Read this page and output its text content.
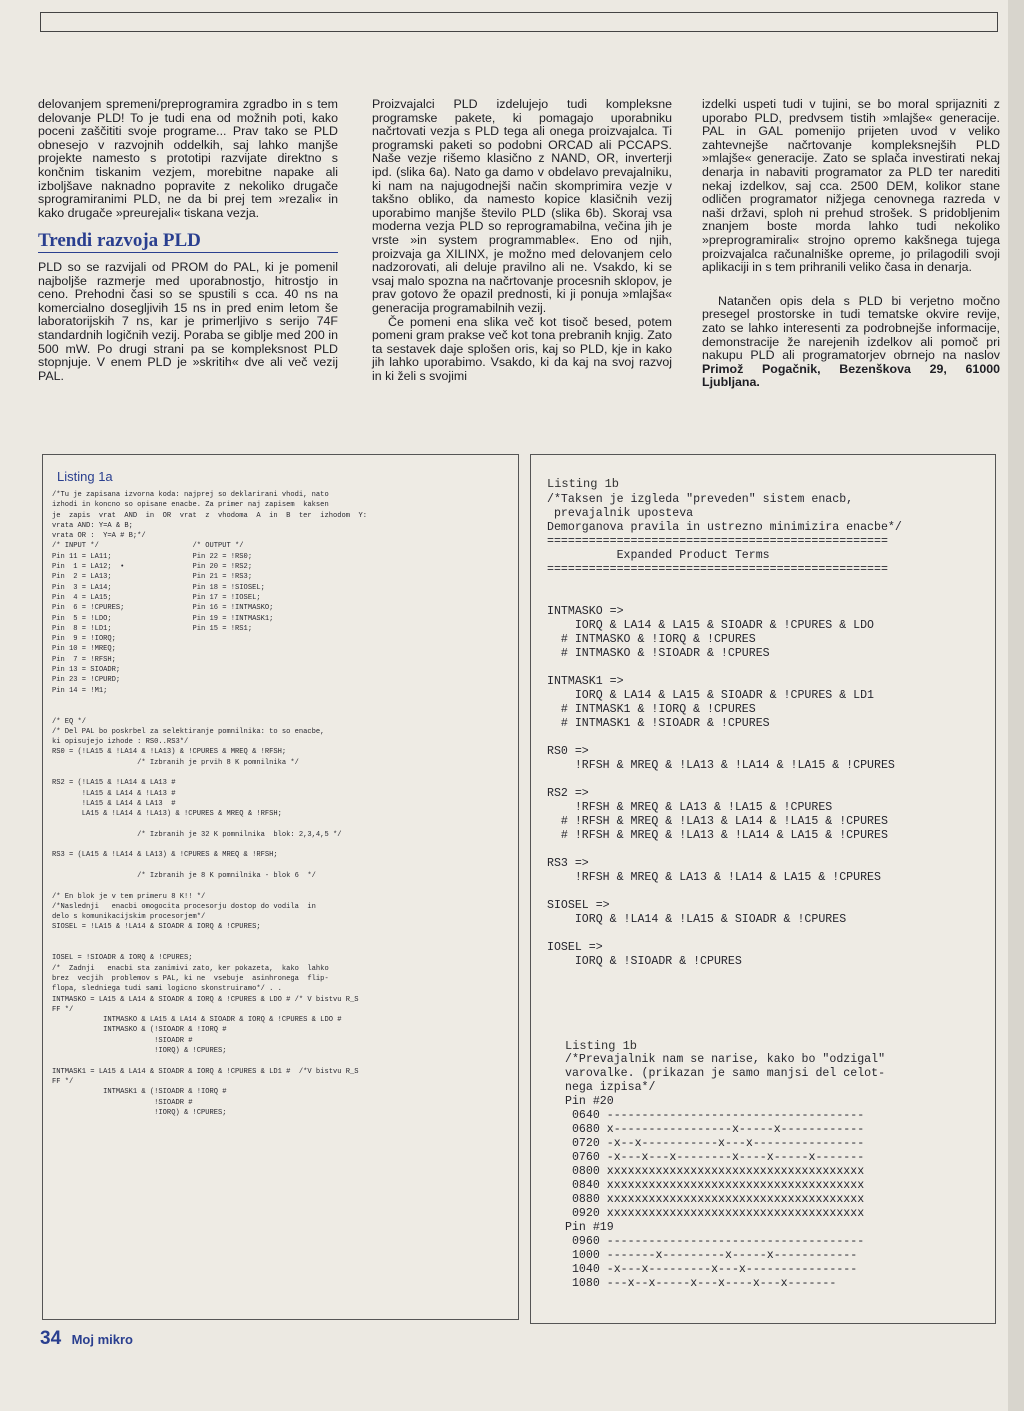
delovanjem spremeni/preprogramira zgradbo in s tem delovanje PLD! To je tudi ena od možnih poti, kako poceni zaščititi svoje programe... Prav tako se PLD obnesejo v razvojnih oddelkih, saj lahko manjše projekte namesto s prototipi razvijate direktno s končnim tiskanim vezjem, morebitne napake ali izboljšave naknadno popravite z nekoliko drugače sprogramiranimi PLD, ne da bi prej tem »rezali« in kako drugače »preurejali« tiskana vezja.

Trendi razvoja PLD

PLD so se razvijali od PROM do PAL, ki je pomenil najboljše razmerje med uporabnostjo, hitrostjo in ceno. Prehodni časi so se spustili s cca. 40 ns na komercialno dosegljivih 15 ns in pred enim letom še laboratorijskih 7 ns, kar je primerljivo s serijo 74F standardnih logičnih vezij. Poraba se giblje med 200 in 500 mW. Po drugi strani pa se kompleksnost PLD stopnjuje. V enem PLD je »skritih« dve ali več vezij PAL.

Proizvajalci PLD izdelujejo tudi kompleksne programske pakete, ki pomagajo uporabniku načrtovati vezja s PLD tega ali onega proizvajalca. Ti programski paketi so podobni ORCAD ali PCCAPS. Naše vezje rišemo klasično z NAND, OR, inverterji ipd. (slika 6a). Nato ga damo v obdelavo prevajalniku, ki nam na najugodnejši način skomprimira vezje v takšno obliko, da namesto kopice klasičnih vezij uporabimo manjše število PLD (slika 6b). Skoraj vsa moderna vezja PLD so reprogramabilna, večina jih je vrste »in system programmable«. Eno od njih, proizvaja ga XILINX, je možno med delovanjem celo nadzorovati, ali deluje pravilno ali ne. Vsakdo, ki se vsaj malo spozna na načrtovanje procesnih sklopov, je prav gotovo že opazil prednosti, ki ji ponuja »mlajša« generacija programabilnih vezij.

Če pomeni ena slika več kot tisoč besed, potem pomeni gram prakse več kot tona prebranih knjig. Zato ta sestavek daje splošen oris, kaj so PLD, kje in kako jih lahko uporabimo. Vsakdo, ki da kaj na svoj razvoj in ki želi s svojimi

izdelki uspeti tudi v tujini, se bo moral sprijazniti z uporabo PLD, predvsem tistih »mlajše« generacije. PAL in GAL pomenijo prijeten uvod v veliko zahtevnejše načrtovanje kompleksnejših PLD »mlajše« generacije. Zato se splača investirati nekaj denarja in nabaviti programator za PLD ter narediti nekaj izdelkov, saj cca. 2500 DEM, kolikor stane odličen programator nižjega cenovnega razreda v naši državi, sploh ni prehud strošek. S pridobljenim znanjem boste morda lahko tudi nekoliko »preprogramirali« strojno opremo kakšnega tujega proizvajalca računalniške opreme, jo prilagodili svoji aplikaciji in s tem prihranili veliko časa in denarja.

Natančen opis dela s PLD bi verjetno močno presegel prostorske in tudi tematske okvire revije, zato se lahko interesenti za podrobnejše informacije, demonstracije že narejenih izdelkov ali pomoč pri nakupu PLD ali programatorjev obrnejo na naslov Primož Pogačnik, Bezenškova 29, 61000 Ljubljana.

Listing 1a
/*Tu je zapisana izvorna koda: najprej so deklarirani vhodi, nato
izhodi in koncno so opisane enacbe. Za primer naj zapisem  kaksen
je  zapis  vrat  AND  in  OR  vrat  z  vhodoma  A  in  B  ter  izhodom  Y:
vrata AND: Y=A & B;
vrata OR :  Y=A # B;*/
/* INPUT */                      /* OUTPUT */
Pin 11 = LA11;                   Pin 22 = !RS0;
Pin  1 = LA12;  •                Pin 20 = !RS2;
Pin  2 = LA13;                   Pin 21 = !RS3;
Pin  3 = LA14;                   Pin 18 = !SIOSEL;
Pin  4 = LA15;                   Pin 17 = !IOSEL;
Pin  6 = !CPURES;                Pin 16 = !INTMASKO;
Pin  5 = !LDO;                   Pin 19 = !INTMASK1;
Pin  8 = !LD1;                   Pin 15 = !RS1;
Pin  9 = !IORQ;
Pin 10 = !MREQ;
Pin  7 = !RFSH;
Pin 13 = SIOADR;
Pin 23 = !CPURD;
Pin 14 = !M1;

/* EQ */
/* Del PAL bo poskrbel za selektiranje pomnilnika: to so enacbe,
ki opisujejo izhode : RS0..RS3*/
RS0 = (!LA15 & !LA14 & !LA13) & !CPURES & MREQ & !RFSH;
/* Izbranih je prvih 8 K pomnilnika */

RS2 = (!LA15 & !LA14 & LA13 #
!LA15 & LA14 & !LA13 #
!LA15 & LA14 & LA13  #
LA15 & !LA14 & !LA13) & !CPURES & MREQ & !RFSH;

/* Izbranih je 32 K pomnilnika  blok: 2,3,4,5 */

RS3 = (LA15 & !LA14 & LA13) & !CPURES & MREQ & !RFSH;

/* Izbranih je 8 K pomnilnika - blok 6  */

/* En blok je v tem primeru 8 K!! */
/*Naslednji   enacbi omogocita procesorju dostop do vodila  in
delo s komunikacijskim procesorjem*/
SIOSEL = !LA15 & !LA14 & SIOADR & IORQ & !CPURES;

IOSEL = !SIOADR & IORQ & !CPURES;
/*  Zadnji   enacbi sta zanimivi zato, ker pokazeta,  kako  lahko
brez  vecjih  problemov s PAL, ki ne  vsebuje  asinhronega  flip-
flopa, sledniega tudi sami logicno skonstruiramo*/ . .
INTMASKO = LA15 & LA14 & SIOADR & IORQ & !CPURES & LDO # /* V bistvu R_S
FF */
INTMASKO & LA15 & LA14 & SIOADR & IORQ & !CPURES & LDO #
INTMASKO & (!SIOADR & !IORQ #
!SIOADR #
!IORQ) & !CPURES;

INTMASK1 = LA15 & LA14 & SIOADR & IORQ & !CPURES & LD1 #  /*V bistvu R_S
FF */
INTMASK1 & (!SIOADR & !IORQ #
!SIOADR #
!IORQ) & !CPURES;
Listing 1b
/*Taksen je izgleda "preveden" sistem enacb,
prevajalnik uposteva
Demorganova pravila in ustrezno minimizira enacbe*/
=================================================
Expanded Product Terms
=================================================

INTMASKO =>
IORQ & LA14 & LA15 & SIOADR & !CPURES & LDO
# INTMASKO & !IORQ & !CPURES
# INTMASKO & !SIOADR & !CPURES

INTMASK1 =>
IORQ & LA14 & LA15 & SIOADR & !CPURES & LD1
# INTMASK1 & !IORQ & !CPURES
# INTMASK1 & !SIOADR & !CPURES

RS0 =>
!RFSH & MREQ & !LA13 & !LA14 & !LA15 & !CPURES

RS2 =>
!RFSH & MREQ & LA13 & !LA15 & !CPURES
# !RFSH & MREQ & !LA13 & LA14 & !LA15 & !CPURES
# !RFSH & MREQ & !LA13 & !LA14 & LA15 & !CPURES

RS3 =>
!RFSH & MREQ & LA13 & !LA14 & LA15 & !CPURES

SIOSEL =>
IORQ & !LA14 & !LA15 & SIOADR & !CPURES

IOSEL =>
IORQ & !SIOADR & !CPURES
Listing 1b
/*Prevajalnik nam se narise, kako bo "odzigal"
varovalke. (prikazan je samo manjsi del celot-
nega izpisa*/
Pin #20
0640 -------------------------------------
0680 x-----------------x-----x------------
0720 -x--x-----------x---x----------------
0760 -x---x---x--------x----x-----x-------
0800 xxxxxxxxxxxxxxxxxxxxxxxxxxxxxxxxxxxxx
0840 xxxxxxxxxxxxxxxxxxxxxxxxxxxxxxxxxxxxx
0880 xxxxxxxxxxxxxxxxxxxxxxxxxxxxxxxxxxxxx
0920 xxxxxxxxxxxxxxxxxxxxxxxxxxxxxxxxxxxxx
Pin #19
0960 -------------------------------------
1000 -------x---------x-----x------------
1040 -x---x---------x---x----------------
1080 ---x--x-----x---x----x---x-------
34 Moj mikro
